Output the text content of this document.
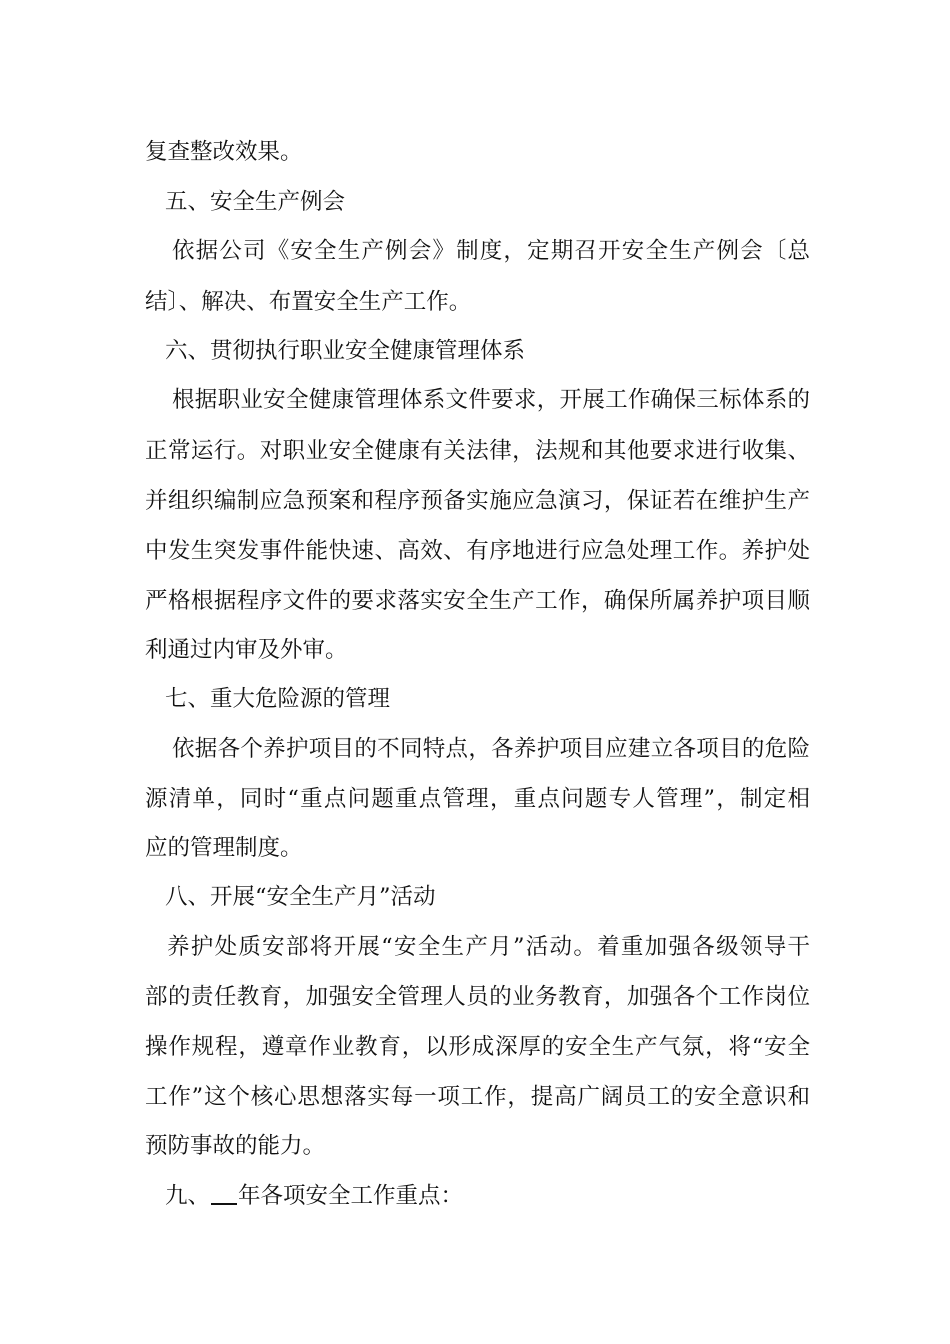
复查整改效果。
五、安全生产例会
依据公司《安全生产例会》制度，定期召开安全生产例会〔总
结〕、解决、布置安全生产工作。
六、贯彻执行职业安全健康管理体系
根据职业安全健康管理体系文件要求，开展工作确保三标体系的
正常运行。对职业安全健康有关法律，法规和其他要求进行收集、
并组织编制应急预案和程序预备实施应急演习，保证若在维护生产
中发生突发事件能快速、高效、有序地进行应急处理工作。养护处
严格根据程序文件的要求落实安全生产工作，确保所属养护项目顺
利通过内审及外审。
七、重大危险源的管理
依据各个养护项目的不同特点，各养护项目应建立各项目的危险
源清单，同时“重点问题重点管理，重点问题专人管理”，制定相
应的管理制度。
八、开展“安全生产月”活动
养护处质安部将开展“安全生产月”活动。着重加强各级领导干
部的责任教育，加强安全管理人员的业务教育，加强各个工作岗位
操作规程，遵章作业教育，以形成深厚的安全生产气氛，将“安全
工作”这个核心思想落实每一项工作，提高广阔员工的安全意识和
预防事故的能力。
九、 年各项安全工作重点：
